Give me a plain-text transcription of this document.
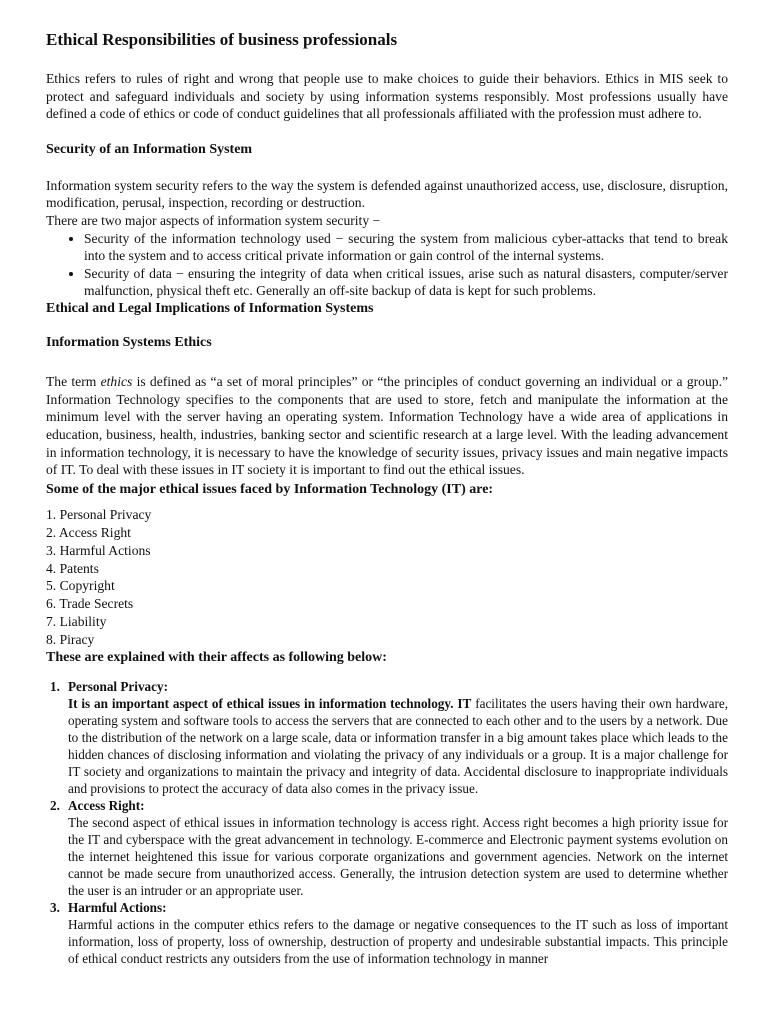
Ethical Responsibilities of business professionals

Ethics refers to rules of right and wrong that people use to make choices to guide their behaviors. Ethics in MIS seek to protect and safeguard individuals and society by using information systems responsibly. Most professions usually have defined a code of ethics or code of conduct guidelines that all professionals affiliated with the profession must adhere to.

Security of an Information System

Information system security refers to the way the system is defended against unauthorized access, use, disclosure, disruption, modification, perusal, inspection, recording or destruction.

There are two major aspects of information system security −

• Security of the information technology used − securing the system from malicious cyber-attacks that tend to break into the system and to access critical private information or gain control of the internal systems.
• Security of data − ensuring the integrity of data when critical issues, arise such as natural disasters, computer/server malfunction, physical theft etc. Generally an off-site backup of data is kept for such problems.
Ethical and Legal Implications of Information Systems
Information Systems Ethics

The term ethics is defined as “a set of moral principles” or “the principles of conduct governing an individual or a group.” Information Technology specifies to the components that are used to store, fetch and manipulate the information at the minimum level with the server having an operating system. Information Technology have a wide area of applications in education, business, health, industries, banking sector and scientific research at a large level. With the leading advancement in information technology, it is necessary to have the knowledge of security issues, privacy issues and main negative impacts of IT. To deal with these issues in IT society it is important to find out the ethical issues.

Some of the major ethical issues faced by Information Technology (IT) are:
1. Personal Privacy
2. Access Right
3. Harmful Actions
4. Patents
5. Copyright
6. Trade Secrets
7. Liability
8. Piracy
These are explained with their affects as following below:
1. Personal Privacy:
It is an important aspect of ethical issues in information technology. IT facilitates the users having their own hardware, operating system and software tools to access the servers that are connected to each other and to the users by a network. Due to the distribution of the network on a large scale, data or information transfer in a big amount takes place which leads to the hidden chances of disclosing information and violating the privacy of any individuals or a group. It is a major challenge for IT society and organizations to maintain the privacy and integrity of data. Accidental disclosure to inappropriate individuals and provisions to protect the accuracy of data also comes in the privacy issue.
2. Access Right:
The second aspect of ethical issues in information technology is access right. Access right becomes a high priority issue for the IT and cyberspace with the great advancement in technology. E-commerce and Electronic payment systems evolution on the internet heightened this issue for various corporate organizations and government agencies. Network on the internet cannot be made secure from unauthorized access. Generally, the intrusion detection system are used to determine whether the user is an intruder or an appropriate user.
3. Harmful Actions:
Harmful actions in the computer ethics refers to the damage or negative consequences to the IT such as loss of important information, loss of property, loss of ownership, destruction of property and undesirable substantial impacts. This principle of ethical conduct restricts any outsiders from the use of information technology in manner
